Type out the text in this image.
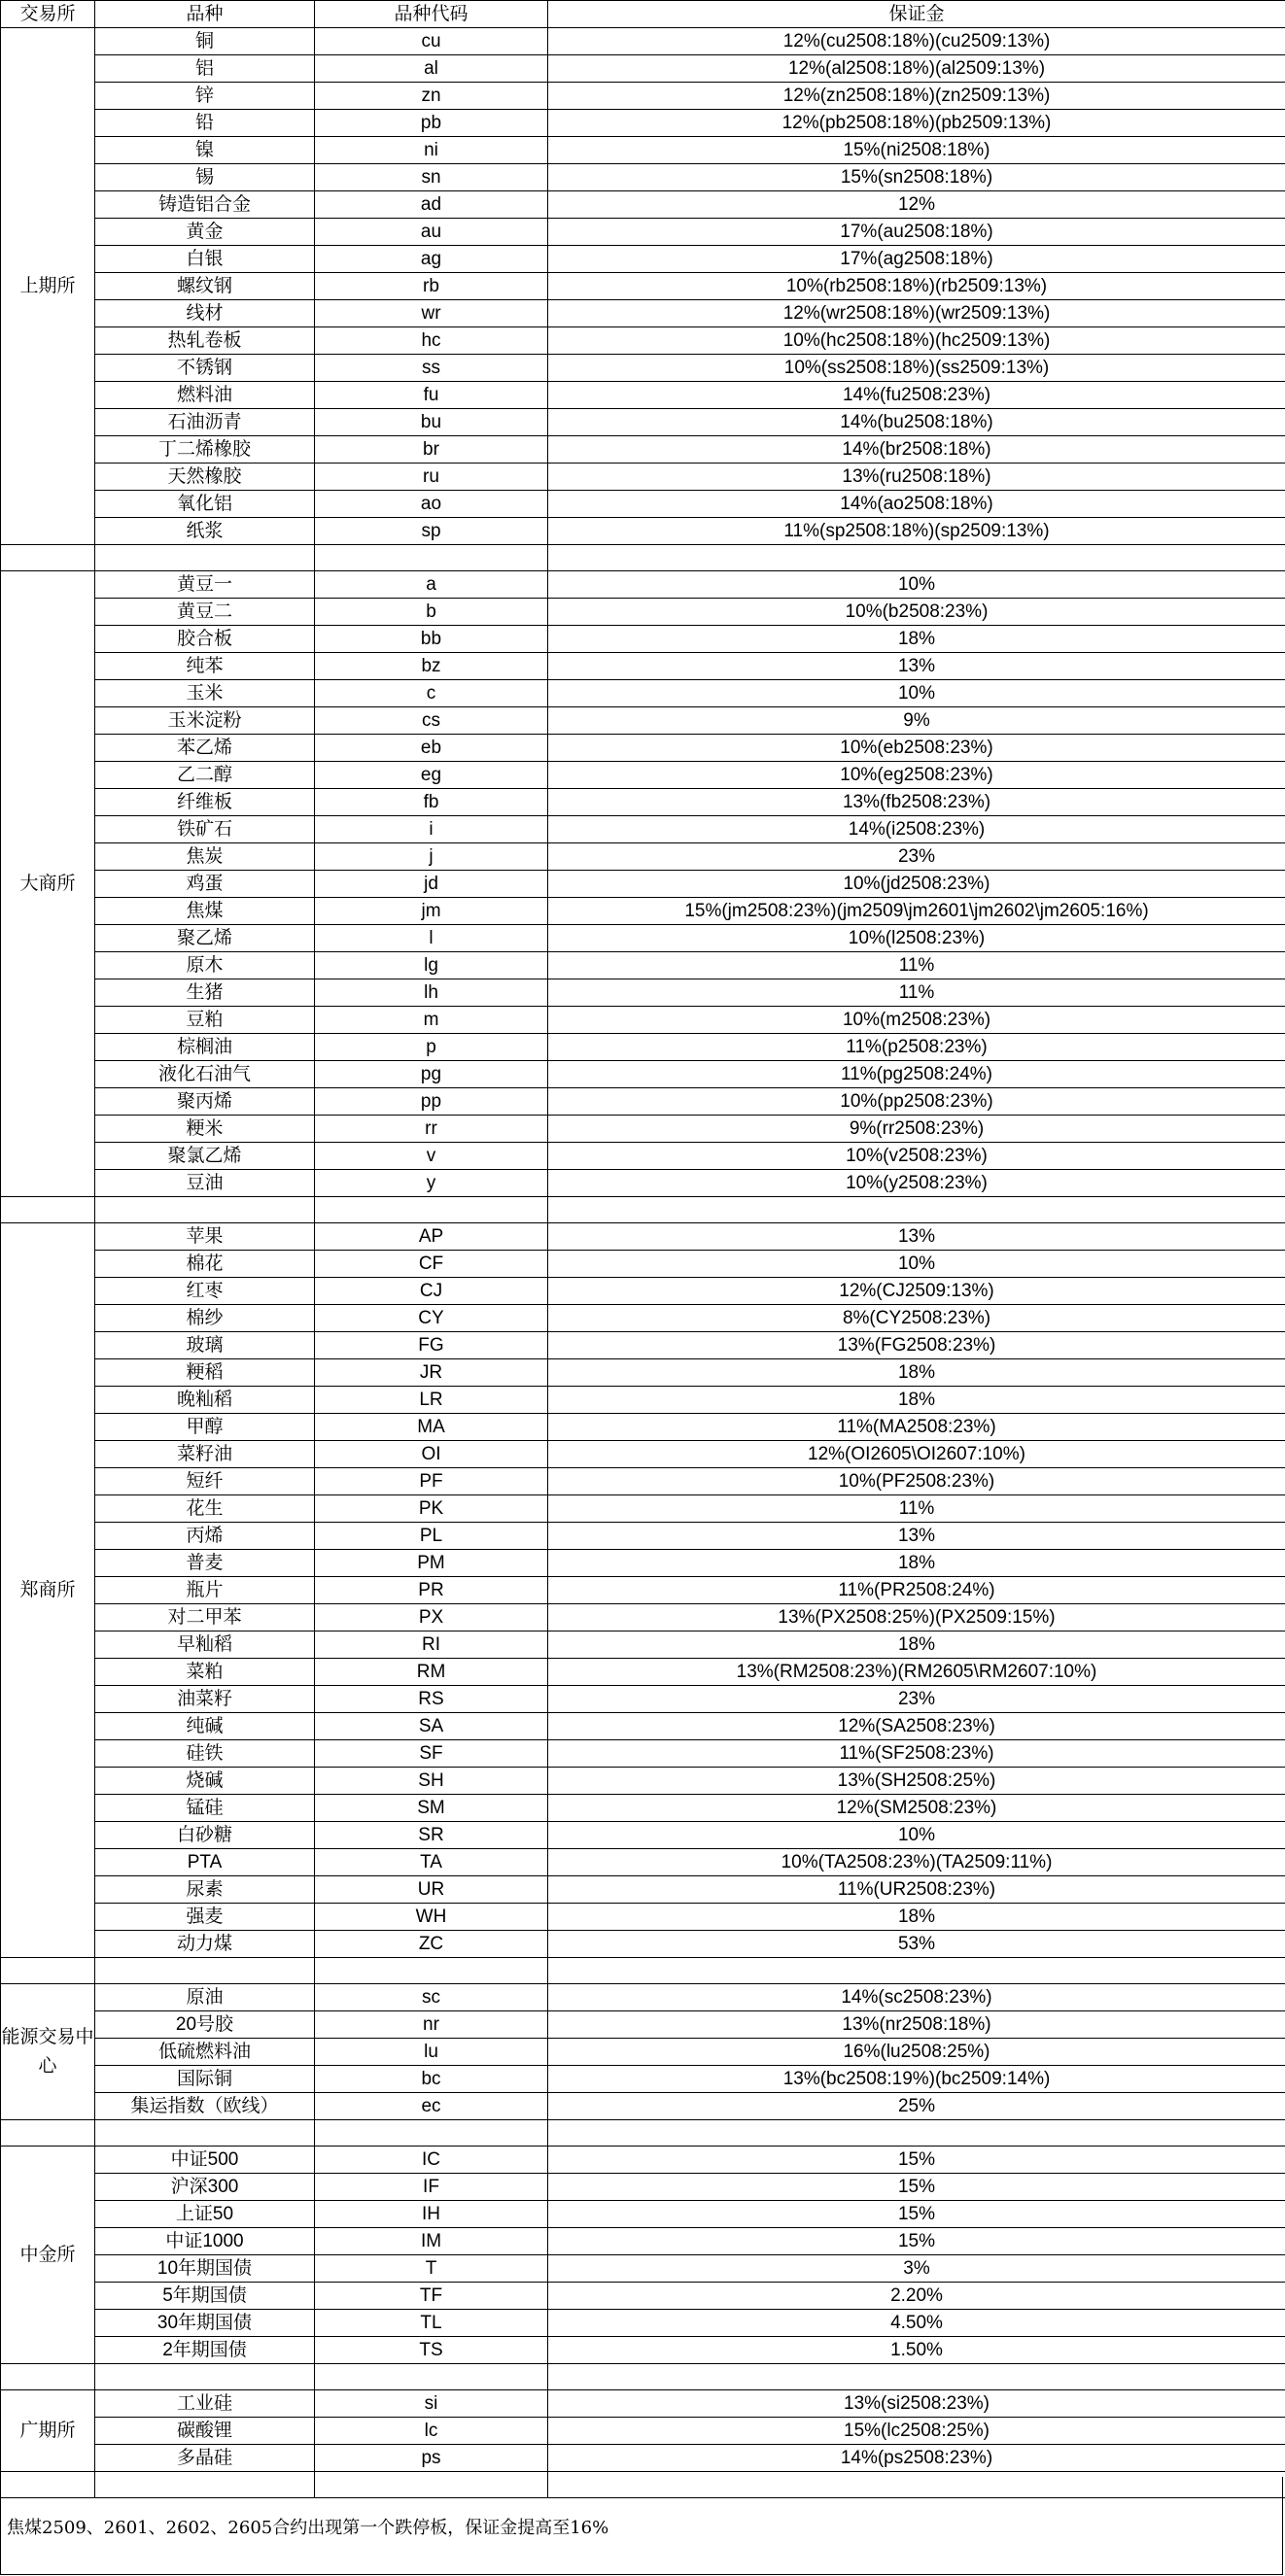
交易所	品种	品种代码	保证金
上期所	铜	cu	12%(cu2508:18%)(cu2509:13%)
	铝	al	12%(al2508:18%)(al2509:13%)
	锌	zn	12%(zn2508:18%)(zn2509:13%)
	铅	pb	12%(pb2508:18%)(pb2509:13%)
	镍	ni	15%(ni2508:18%)
	锡	sn	15%(sn2508:18%)
	铸造铝合金	ad	12%
	黄金	au	17%(au2508:18%)
	白银	ag	17%(ag2508:18%)
	螺纹钢	rb	10%(rb2508:18%)(rb2509:13%)
	线材	wr	12%(wr2508:18%)(wr2509:13%)
	热轧卷板	hc	10%(hc2508:18%)(hc2509:13%)
	不锈钢	ss	10%(ss2508:18%)(ss2509:13%)
	燃料油	fu	14%(fu2508:23%)
	石油沥青	bu	14%(bu2508:18%)
	丁二烯橡胶	br	14%(br2508:18%)
	天然橡胶	ru	13%(ru2508:18%)
	氧化铝	ao	14%(ao2508:18%)
	纸浆	sp	11%(sp2508:18%)(sp2509:13%)

大商所	黄豆一	a	10%
	黄豆二	b	10%(b2508:23%)
	胶合板	bb	18%
	纯苯	bz	13%
	玉米	c	10%
	玉米淀粉	cs	9%
	苯乙烯	eb	10%(eb2508:23%)
	乙二醇	eg	10%(eg2508:23%)
	纤维板	fb	13%(fb2508:23%)
	铁矿石	i	14%(i2508:23%)
	焦炭	j	23%
	鸡蛋	jd	10%(jd2508:23%)
	焦煤	jm	15%(jm2508:23%)(jm2509\jm2601\jm2602\jm2605:16%)
	聚乙烯	l	10%(l2508:23%)
	原木	lg	11%
	生猪	lh	11%
	豆粕	m	10%(m2508:23%)
	棕榈油	p	11%(p2508:23%)
	液化石油气	pg	11%(pg2508:24%)
	聚丙烯	pp	10%(pp2508:23%)
	粳米	rr	9%(rr2508:23%)
	聚氯乙烯	v	10%(v2508:23%)
	豆油	y	10%(y2508:23%)

郑商所	苹果	AP	13%
	棉花	CF	10%
	红枣	CJ	12%(CJ2509:13%)
	棉纱	CY	8%(CY2508:23%)
	玻璃	FG	13%(FG2508:23%)
	粳稻	JR	18%
	晚籼稻	LR	18%
	甲醇	MA	11%(MA2508:23%)
	菜籽油	OI	12%(OI2605\OI2607:10%)
	短纤	PF	10%(PF2508:23%)
	花生	PK	11%
	丙烯	PL	13%
	普麦	PM	18%
	瓶片	PR	11%(PR2508:24%)
	对二甲苯	PX	13%(PX2508:25%)(PX2509:15%)
	早籼稻	RI	18%
	菜粕	RM	13%(RM2508:23%)(RM2605\RM2607:10%)
	油菜籽	RS	23%
	纯碱	SA	12%(SA2508:23%)
	硅铁	SF	11%(SF2508:23%)
	烧碱	SH	13%(SH2508:25%)
	锰硅	SM	12%(SM2508:23%)
	白砂糖	SR	10%
	PTA	TA	10%(TA2508:23%)(TA2509:11%)
	尿素	UR	11%(UR2508:23%)
	强麦	WH	18%
	动力煤	ZC	53%

能源交易中心	原油	sc	14%(sc2508:23%)
	20号胶	nr	13%(nr2508:18%)
	低硫燃料油	lu	16%(lu2508:25%)
	国际铜	bc	13%(bc2508:19%)(bc2509:14%)
	集运指数（欧线）	ec	25%

中金所	中证500	IC	15%
	沪深300	IF	15%
	上证50	IH	15%
	中证1000	IM	15%
	10年期国债	T	3%
	5年期国债	TF	2.20%
	30年期国债	TL	4.50%
	2年期国债	TS	1.50%

广期所	工业硅	si	13%(si2508:23%)
	碳酸锂	lc	15%(lc2508:25%)
	多晶硅	ps	14%(ps2508:23%)

焦煤2509、2601、2602、2605合约出现第一个跌停板，保证金提高至16%
